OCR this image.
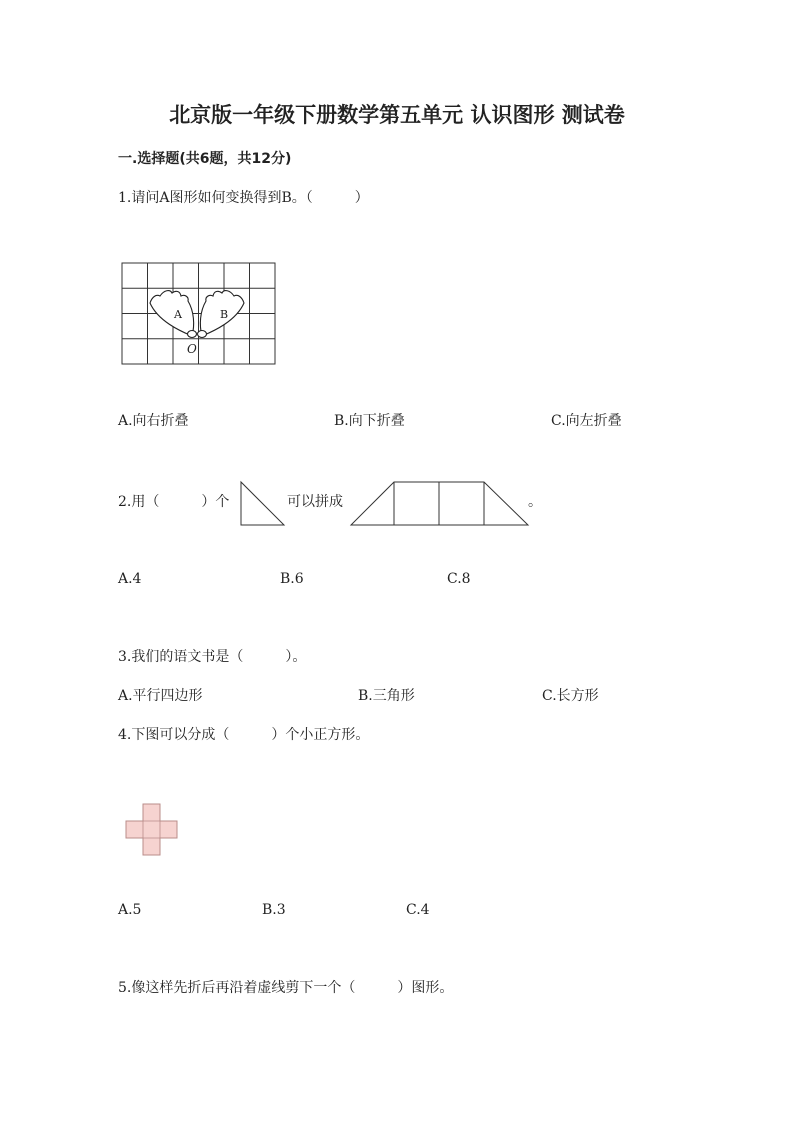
北京版一年级下册数学第五单元 认识图形 测试卷
一.选择题(共6题，共12分)
1.请问A图形如何变换得到B。（　　　）
A	B
O
A.向右折叠	B.向下折叠	C.向左折叠
2.用（　　　）个	可以拼成	。
A.4	B.6	C.8
3.我们的语文书是（　　　）。
A.平行四边形	B.三角形	C.长方形
4.下图可以分成（　　　）个小正方形。
A.5	B.3	C.4
5.像这样先折后再沿着虚线剪下一个（　　　）图形。
